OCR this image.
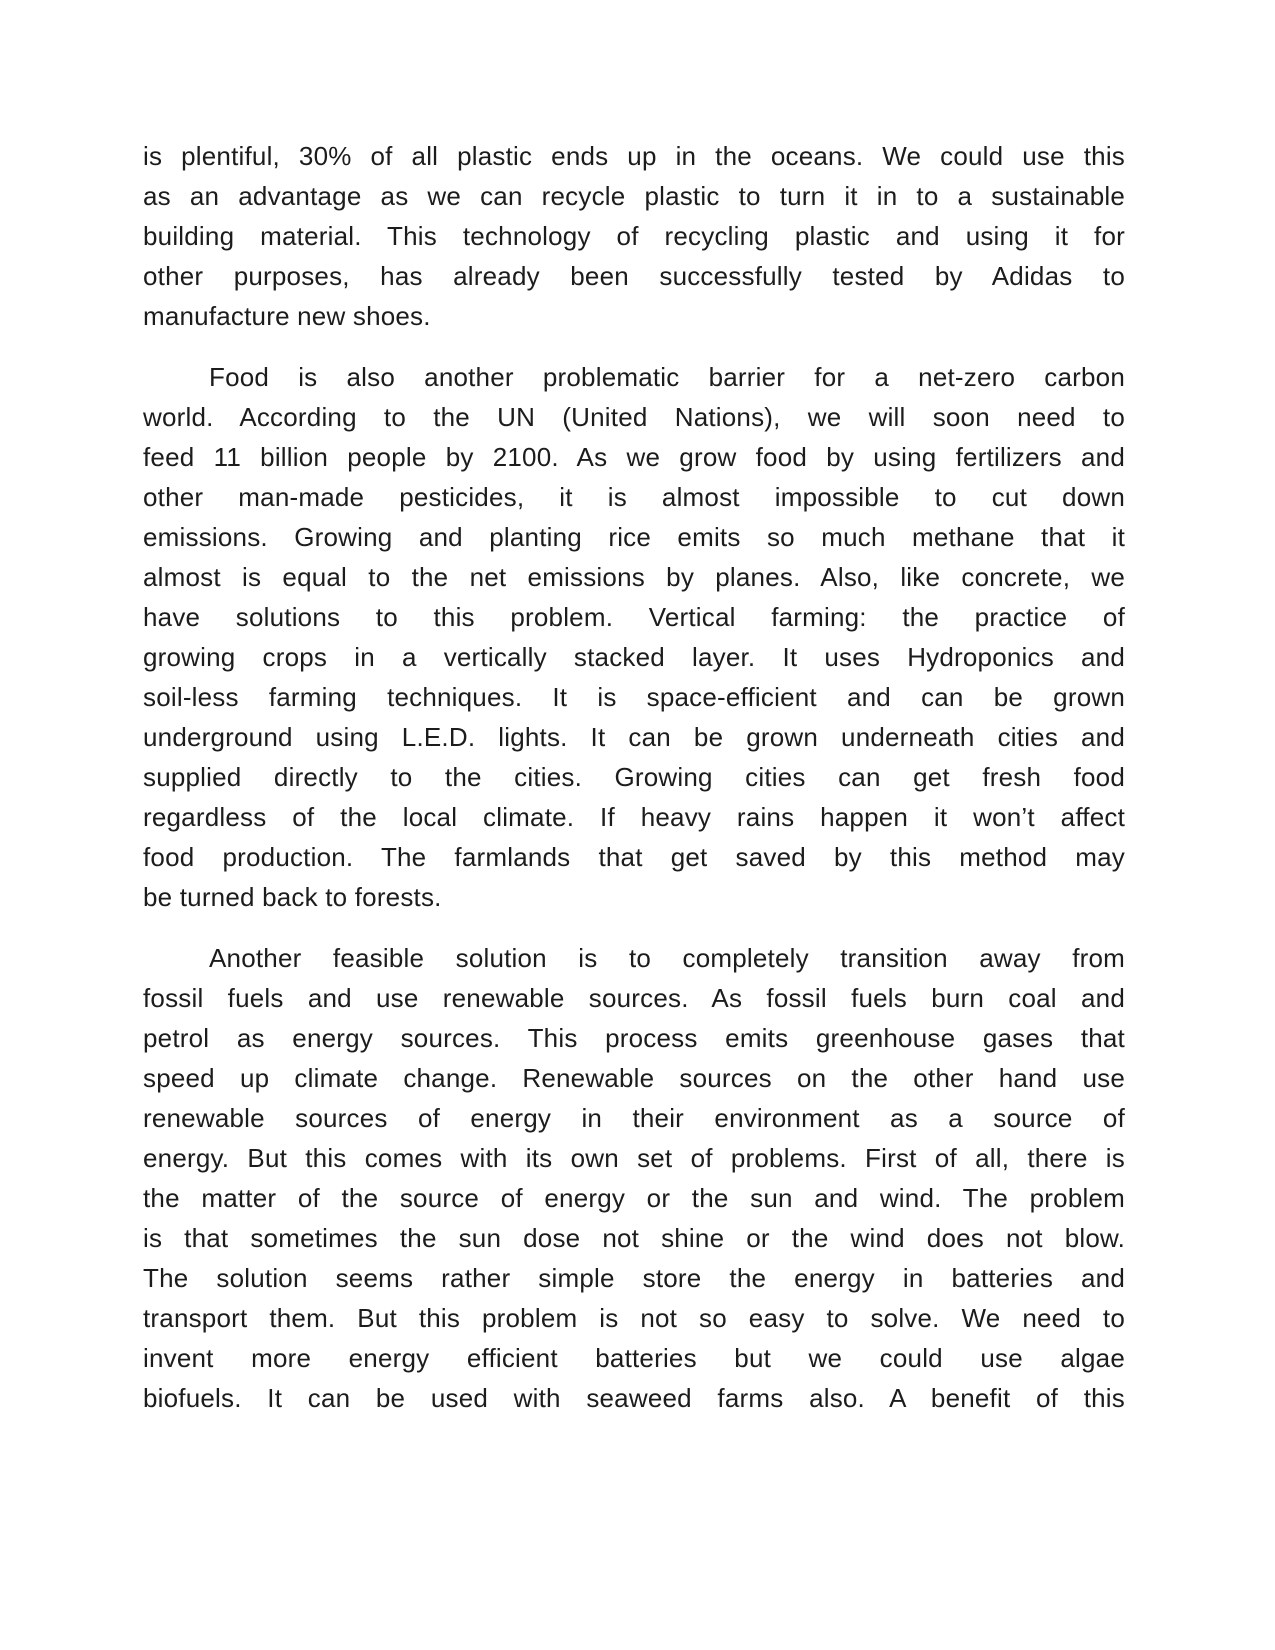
is plentiful, 30% of all plastic ends up in the oceans. We could use this
as an advantage as we can recycle plastic to turn it in to a sustainable
building material. This technology of recycling plastic and using it for
other purposes, has already been successfully tested by Adidas to
manufacture new shoes.
Food is also another problematic barrier for a net-zero carbon
world. According to the UN (United Nations), we will soon need to
feed 11 billion people by 2100. As we grow food by using fertilizers and
other man-made pesticides, it is almost impossible to cut down
emissions. Growing and planting rice emits so much methane that it
almost is equal to the net emissions by planes. Also, like concrete, we
have solutions to this problem. Vertical farming: the practice of
growing crops in a vertically stacked layer. It uses Hydroponics and
soil-less farming techniques. It is space-efficient and can be grown
underground using L.E.D. lights. It can be grown underneath cities and
supplied directly to the cities. Growing cities can get fresh food
regardless of the local climate. If heavy rains happen it won’t affect
food production. The farmlands that get saved by this method may
be turned back to forests.
Another feasible solution is to completely transition away from
fossil fuels and use renewable sources. As fossil fuels burn coal and
petrol as energy sources. This process emits greenhouse gases that
speed up climate change. Renewable sources on the other hand use
renewable sources of energy in their environment as a source of
energy. But this comes with its own set of problems. First of all, there is
the matter of the source of energy or the sun and wind. The problem
is that sometimes the sun dose not shine or the wind does not blow.
The solution seems rather simple store the energy in batteries and
transport them. But this problem is not so easy to solve. We need to
invent more energy efficient batteries but we could use algae
biofuels. It can be used with seaweed farms also. A benefit of this
